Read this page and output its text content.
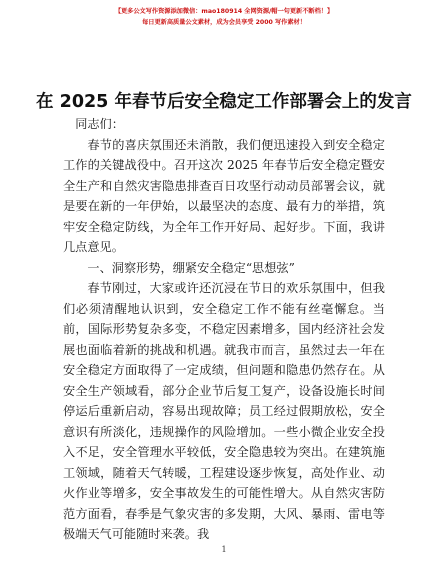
【更多公文写作资源添加微信：mao180914 全网资源/帽一句更新不断档！】
每日更新高质量公文素材，成为会员享受 2000 写作素材！
在 2025 年春节后安全稳定工作部署会上的发言

同志们：

春节的喜庆氛围还未消散，我们便迅速投入到安全稳定工作的关键战役中。召开这次 2025 年春节后安全稳定暨安全生产和自然灾害隐患排查百日攻坚行动动员部署会议，就是要在新的一年伊始，以最坚决的态度、最有力的举措，筑牢安全稳定防线，为全年工作开好局、起好步。下面，我讲几点意见。

一、洞察形势，绷紧安全稳定“思想弦”

春节刚过，大家或许还沉浸在节日的欢乐氛围中，但我们必须清醒地认识到，安全稳定工作不能有丝毫懈怠。当前，国际形势复杂多变，不稳定因素增多，国内经济社会发展也面临着新的挑战和机遇。就我市而言，虽然过去一年在安全稳定方面取得了一定成绩，但问题和隐患仍然存在。从安全生产领域看，部分企业节后复工复产，设备设施长时间停运后重新启动，容易出现故障；员工经过假期放松，安全意识有所淡化，违规操作的风险增加。一些小微企业安全投入不足，安全管理水平较低，安全隐患较为突出。在建筑施工领域，随着天气转暖，工程建设逐步恢复，高处作业、动火作业等增多，安全事故发生的可能性增大。从自然灾害防范方面看，春季是气象灾害的多发期，大风、暴雨、雷电等极端天气可能随时来袭。我

1
